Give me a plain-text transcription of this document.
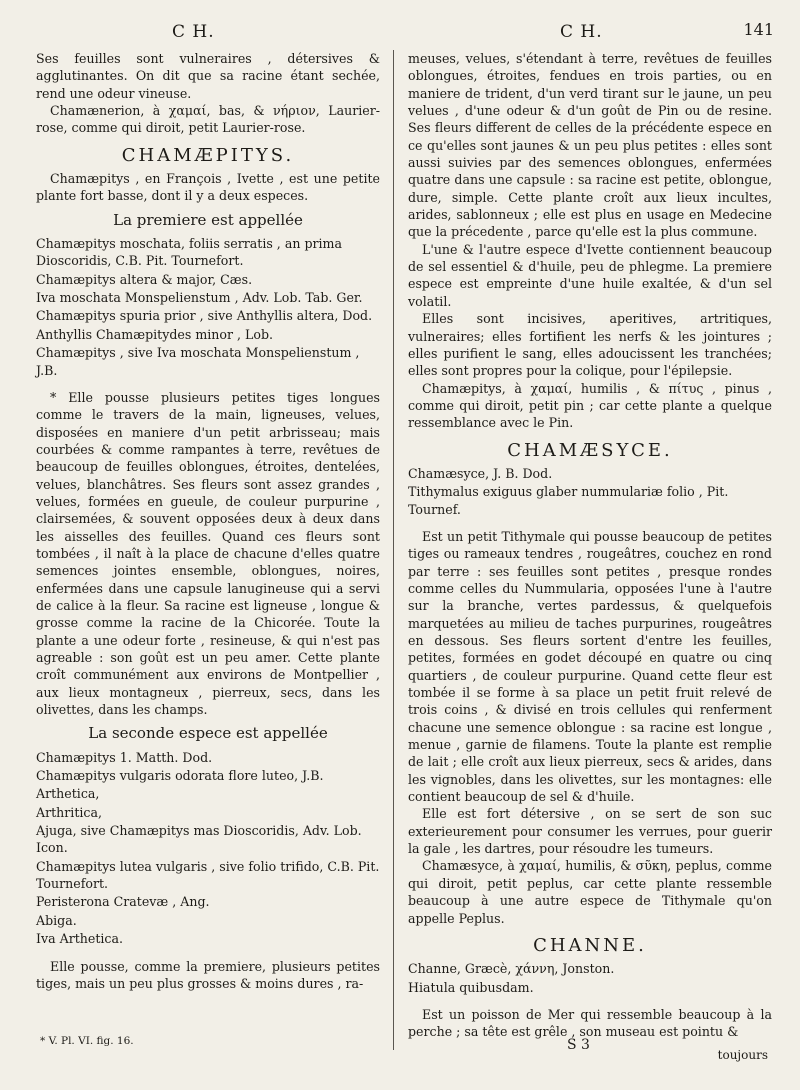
C H.	C H.	141

Ses feuilles sont vulneraires , détersives & agglutinantes. On dit que sa racine étant sechée, rend une odeur vineuse.

Chamænerion, à χαμαί, bas, & νήριον, Laurier-rose, comme qui diroit, petit Laurier-rose.

CHAMÆPITYS.

Chamæpitys , en François , Ivette , est une petite plante fort basse, dont il y a deux especes.

La premiere est appellée

Chamæpitys moschata, foliis serratis , an prima Dioscoridis, C.B. Pit. Tournefort.

Chamæpitys altera & major, Cæs.

Iva moschata Monspelienstum , Adv. Lob. Tab. Ger.

Chamæpitys spuria prior , sive Anthyllis altera, Dod.

Anthyllis Chamæpitydes minor , Lob.

Chamæpitys , sive Iva moschata Monspelienstum , J.B.

* Elle pousse plusieurs petites tiges longues comme le travers de la main, ligneuses, velues, disposées en maniere d'un petit arbrisseau; mais courbées & comme rampantes à terre, revêtues de beaucoup de feuilles oblongues, étroites, dentelées, velues, blanchâtres. Ses fleurs sont assez grandes , velues, formées en gueule, de couleur purpurine , clairsemées, & souvent opposées deux à deux dans les aisselles des feuilles. Quand ces fleurs sont tombées , il naît à la place de chacune d'elles quatre semences jointes ensemble, oblongues, noires, enfermées dans une capsule lanugineuse qui a servi de calice à la fleur. Sa racine est ligneuse , longue & grosse comme la racine de la Chicorée. Toute la plante a une odeur forte , resineuse, & qui n'est pas agreable : son goût est un peu amer. Cette plante croît communément aux environs de Montpellier , aux lieux montagneux , pierreux, secs, dans les olivettes, dans les champs.

La seconde espece est appellée

Chamæpitys 1. Matth. Dod.

Chamæpitys vulgaris odorata flore luteo, J.B.

Arthetica,

Arthritica,

Ajuga, sive Chamæpitys mas Dioscoridis, Adv. Lob. Icon.

Chamæpitys lutea vulgaris , sive folio trifido, C.B. Pit. Tournefort.

Peristerona Cratevæ , Ang.

Abiga.

Iva Arthetica.

Elle pousse, comme la premiere, plusieurs petites tiges, mais un peu plus grosses & moins dures , ra-

meuses, velues, s'étendant à terre, revêtues de feuilles oblongues, étroites, fendues en trois parties, ou en maniere de trident, d'un verd tirant sur le jaune, un peu velues , d'une odeur & d'un goût de Pin ou de resine. Ses fleurs different de celles de la précédente espece en ce qu'elles sont jaunes & un peu plus petites : elles sont aussi suivies par des semences oblongues, enfermées quatre dans une capsule : sa racine est petite, oblongue, dure, simple. Cette plante croît aux lieux incultes, arides, sablonneux ; elle est plus en usage en Medecine que la précedente , parce qu'elle est la plus commune.

L'une & l'autre espece d'Ivette contiennent beaucoup de sel essentiel & d'huile, peu de phlegme. La premiere espece est empreinte d'une huile exaltée, & d'un sel volatil.

Elles sont incisives, aperitives, artritiques, vulneraires; elles fortifient les nerfs & les jointures ; elles purifient le sang, elles adoucissent les tranchées; elles sont propres pour la colique, pour l'épilepsie.

Chamæpitys, à χαμαί, humilis , & πίτυς , pinus , comme qui diroit, petit pin ; car cette plante a quelque ressemblance avec le Pin.

CHAMÆSYCE.

Chamæsyce, J. B. Dod.

Tithymalus exiguus glaber nummulariæ folio , Pit. Tournef.

Est un petit Tithymale qui pousse beaucoup de petites tiges ou rameaux tendres , rougeâtres, couchez en rond par terre : ses feuilles sont petites , presque rondes comme celles du Nummularia, opposées l'une à l'autre sur la branche, vertes pardessus, & quelquefois marquetées au milieu de taches purpurines, rougeâtres en dessous. Ses fleurs sortent d'entre les feuilles, petites, formées en godet découpé en quatre ou cinq quartiers , de couleur purpurine. Quand cette fleur est tombée il se forme à sa place un petit fruit relevé de trois coins , & divisé en trois cellules qui renferment chacune une semence oblongue : sa racine est longue , menue , garnie de filamens. Toute la plante est remplie de lait ; elle croît aux lieux pierreux, secs & arides, dans les vignobles, dans les olivettes, sur les montagnes: elle contient beaucoup de sel & d'huile.

Elle est fort détersive , on se sert de son suc exterieurement pour consumer les verrues, pour guerir la gale , les dartres, pour résoudre les tumeurs.

Chamæsyce, à χαμαί, humilis, & σῦκη, peplus, comme qui diroit, petit peplus, car cette plante ressemble beaucoup à une autre espece de Tithymale qu'on appelle Peplus.

CHANNE.

Channe, Græcè, χάννη, Jonston.

Hiatula quibusdam.

Est un poisson de Mer qui ressemble beaucoup à la perche ; sa tête est grêle , son museau est pointu &

* V. Pl. VI. fig. 16.	S 3
toujours
